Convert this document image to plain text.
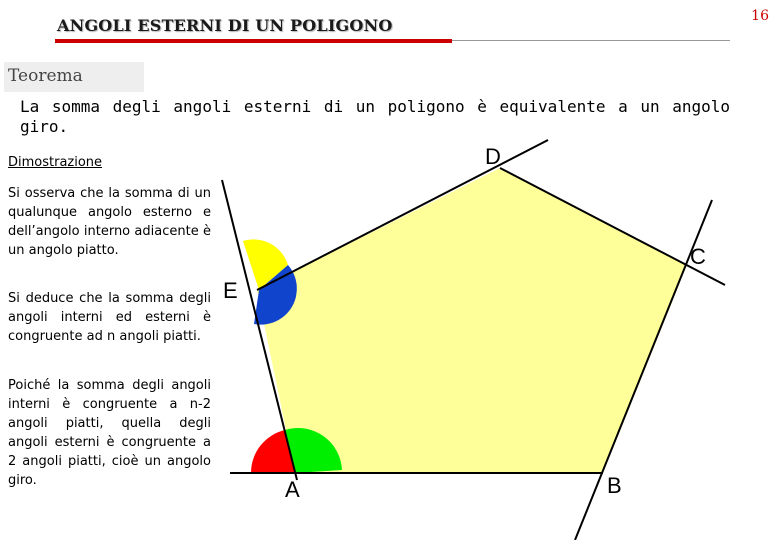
ANGOLI ESTERNI DI UN POLIGONO	16
Teorema
La somma degli angoli esterni di un poligono è equivalente a un angolo giro.
Dimostrazione
Si osserva che la somma di un qualunque angolo esterno e dell’angolo interno adiacente è un angolo piatto.
Si deduce che la somma degli angoli interni ed esterni è congruente ad n angoli piatti.
Poiché la somma degli angoli interni è congruente a n-2 angoli piatti, quella degli angoli esterni è congruente a 2 angoli piatti, cioè un angolo giro.	A	B
C
D
E
